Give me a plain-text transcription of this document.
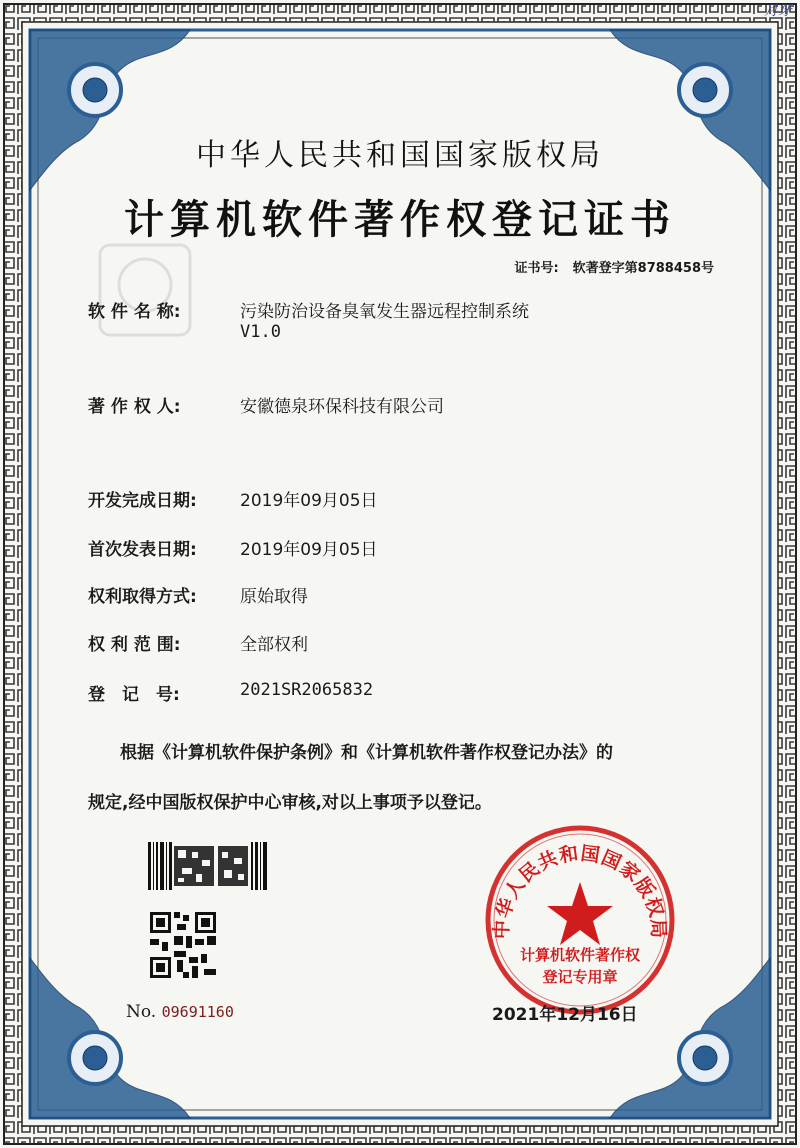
月牙
中华人民共和国国家版权局
计算机软件著作权登记证书
证书号: 软著登字第8788458号
软 件 名 称:	污染防治设备臭氧发生器远程控制系统
V1.0
著 作 权 人:	安徽德泉环保科技有限公司
开发完成日期:	2019年09月05日
首次发表日期:	2019年09月05日
权利取得方式:	原始取得
权 利 范 围:	全部权利
登　记　号:	2021SR2065832
根据《计算机软件保护条例》和《计算机软件著作权登记办法》的
规定,经中国版权保护中心审核,对以上事项予以登记。
No. 09691160
中华人民共和国国家版权局
计算机软件著作权
登记专用章
2021年12月16日
